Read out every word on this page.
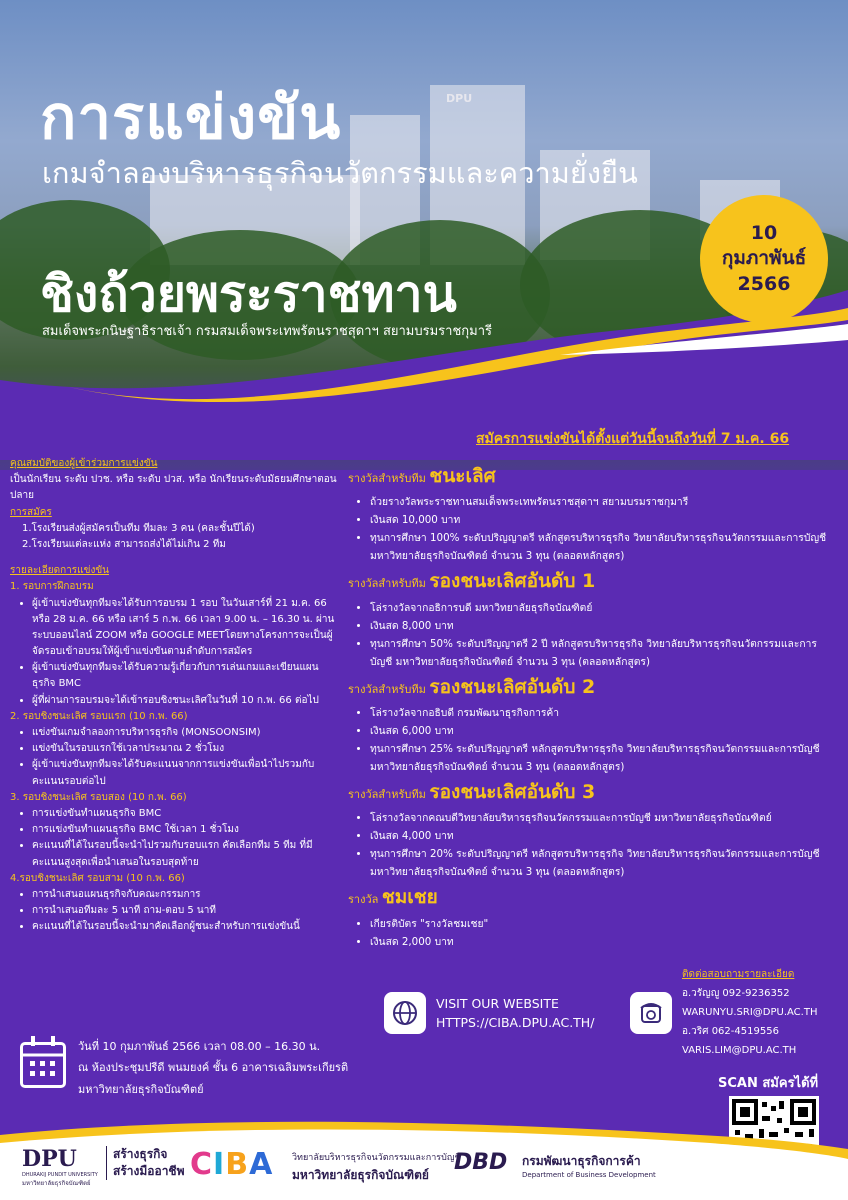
DPU
การแข่งขัน
เกมจำลองบริหารธุรกิจนวัตกรรมและความยั่งยืน
ชิงถ้วยพระราชทาน
สมเด็จพระกนิษฐาธิราชเจ้า กรมสมเด็จพระเทพรัตนราชสุดาฯ สยามบรมราชกุมารี
10
กุมภาพันธ์
2566
สมัครการแข่งขันได้ตั้งแต่วันนี้จนถึงวันที่ 7 ม.ค. 66
คุณสมบัติของผู้เข้าร่วมการแข่งขัน
เป็นนักเรียน ระดับ ปวช. หรือ ระดับ ปวส. หรือ นักเรียนระดับมัธยมศึกษาตอนปลาย
การสมัคร
1.โรงเรียนส่งผู้สมัครเป็นทีม ทีมละ 3 คน (คละชั้นปีได้)
2.โรงเรียนแต่ละแห่ง สามารถส่งได้ไม่เกิน 2 ทีม
รายละเอียดการแข่งขัน
1. รอบการฝึกอบรม
• ผู้เข้าแข่งขันทุกทีมจะได้รับการอบรม 1 รอบ ในวันเสาร์ที่ 21 ม.ค. 66 หรือ 28 ม.ค. 66 หรือ เสาร์ 5 ก.พ. 66 เวลา 9.00 น. – 16.30 น. ผ่านระบบออนไลน์ ZOOM หรือ GOOGLE MEETโดยทางโครงการจะเป็นผู้จัดรอบเข้าอบรมให้ผู้เข้าแข่งขันตามลำดับการสมัคร
• ผู้เข้าแข่งขันทุกทีมจะได้รับความรู้เกี่ยวกับการเล่นเกมและเขียนแผนธุรกิจ BMC
• ผู้ที่ผ่านการอบรมจะได้เข้ารอบชิงชนะเลิศในวันที่ 10 ก.พ. 66 ต่อไป
2. รอบชิงชนะเลิศ รอบแรก (10 ก.พ. 66)
• แข่งขันเกมจำลองการบริหารธุรกิจ (MONSOONSIM)
• แข่งขันในรอบแรกใช้เวลาประมาณ 2 ชั่วโมง
• ผู้เข้าแข่งขันทุกทีมจะได้รับคะแนนจากการแข่งขันเพื่อนำไปรวมกับคะแนนรอบต่อไป
3. รอบชิงชนะเลิศ รอบสอง (10 ก.พ. 66)
• การแข่งขันทำแผนธุรกิจ BMC
• การแข่งขันทำแผนธุรกิจ BMC ใช้เวลา 1 ชั่วโมง
• คะแนนที่ได้ในรอบนี้จะนำไปรวมกับรอบแรก คัดเลือกทีม 5 ทีม ที่มีคะแนนสูงสุดเพื่อนำเสนอในรอบสุดท้าย
4.รอบชิงชนะเลิศ รอบสาม (10 ก.พ. 66)
• การนำเสนอแผนธุรกิจกับคณะกรรมการ
• การนำเสนอทีมละ 5 นาที ถาม-ตอบ 5 นาที
• คะแนนที่ได้ในรอบนี้จะนำมาคัดเลือกผู้ชนะสำหรับการแข่งขันนี้
รางวัลสำหรับทีม ชนะเลิศ
• ถ้วยรางวัลพระราชทานสมเด็จพระเทพรัตนราชสุดาฯ สยามบรมราชกุมารี
• เงินสด 10,000 บาท
• ทุนการศึกษา 100% ระดับปริญญาตรี หลักสูตรบริหารธุรกิจ วิทยาลัยบริหารธุรกิจนวัตกรรมและการบัญชี มหาวิทยาลัยธุรกิจบัณฑิตย์ จำนวน 3 ทุน (ตลอดหลักสูตร)
รางวัลสำหรับทีม รองชนะเลิศอันดับ 1
• โล่รางวัลจากอธิการบดี มหาวิทยาลัยธุรกิจบัณฑิตย์
• เงินสด 8,000 บาท
• ทุนการศึกษา 50% ระดับปริญญาตรี 2 ปี หลักสูตรบริหารธุรกิจ วิทยาลัยบริหารธุรกิจนวัตกรรมและการบัญชี มหาวิทยาลัยธุรกิจบัณฑิตย์ จำนวน 3 ทุน (ตลอดหลักสูตร)
รางวัลสำหรับทีม รองชนะเลิศอันดับ 2
• โล่รางวัลจากอธิบดี กรมพัฒนาธุรกิจการค้า
• เงินสด 6,000 บาท
• ทุนการศึกษา 25% ระดับปริญญาตรี หลักสูตรบริหารธุรกิจ วิทยาลัยบริหารธุรกิจนวัตกรรมและการบัญชี มหาวิทยาลัยธุรกิจบัณฑิตย์ จำนวน 3 ทุน (ตลอดหลักสูตร)
รางวัลสำหรับทีม รองชนะเลิศอันดับ 3
• โล่รางวัลจากคณบดีวิทยาลัยบริหารธุรกิจนวัตกรรมและการบัญชี มหาวิทยาลัยธุรกิจบัณฑิตย์
• เงินสด 4,000 บาท
• ทุนการศึกษา 20% ระดับปริญญาตรี หลักสูตรบริหารธุรกิจ วิทยาลัยบริหารธุรกิจนวัตกรรมและการบัญชี มหาวิทยาลัยธุรกิจบัณฑิตย์ จำนวน 3 ทุน (ตลอดหลักสูตร)
รางวัล ชมเชย
• เกียรติบัตร "รางวัลชมเชย"
• เงินสด 2,000 บาท
VISIT OUR WEBSITE
HTTPS://CIBA.DPU.AC.TH/
ติดต่อสอบถามรายละเอียด
อ.วรัญญู 092-9236352
WARUNYU.SRI@DPU.AC.TH
อ.วริศ 062-4519556
VARIS.LIM@DPU.AC.TH
วันที่ 10 กุมภาพันธ์ 2566 เวลา 08.00 – 16.30 น.
ณ ห้องประชุมปรีดี พนมยงค์ ชั้น 6 อาคารเฉลิมพระเกียรติ
มหาวิทยาลัยธุรกิจบัณฑิตย์	SCAN สมัครได้ที่
DPU
DHURAKIJ PUNDIT UNIVERSITY
มหาวิทยาลัยธุรกิจบัณฑิตย์
สร้างธุรกิจ
สร้างมืออาชีพ CIBA วิทยาลัยบริหารธุรกิจนวัตกรรมและการบัญชี
มหาวิทยาลัยธุรกิจบัณฑิตย์	DBD กรมพัฒนาธุรกิจการค้า
Department of Business Development
